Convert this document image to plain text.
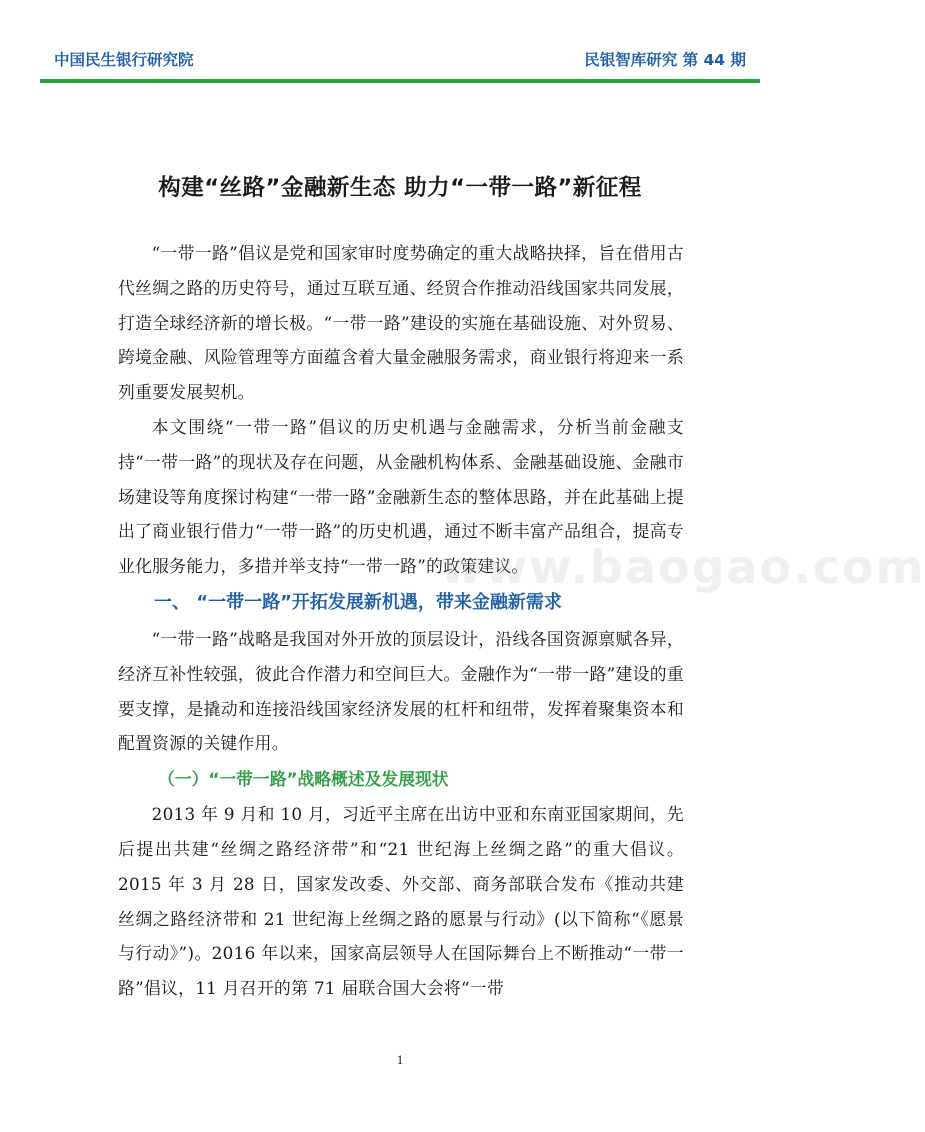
中国民生银行研究院	民银智库研究 第 44 期
构建“丝路”金融新生态 助力“一带一路”新征程

“一带一路”倡议是党和国家审时度势确定的重大战略抉择，旨在借用古代丝绸之路的历史符号，通过互联互通、经贸合作推动沿线国家共同发展，打造全球经济新的增长极。“一带一路”建设的实施在基础设施、对外贸易、跨境金融、风险管理等方面蕴含着大量金融服务需求，商业银行将迎来一系列重要发展契机。

本文围绕“一带一路”倡议的历史机遇与金融需求，分析当前金融支持“一带一路”的现状及存在问题，从金融机构体系、金融基础设施、金融市场建设等角度探讨构建“一带一路”金融新生态的整体思路，并在此基础上提出了商业银行借力“一带一路”的历史机遇，通过不断丰富产品组合，提高专业化服务能力，多措并举支持“一带一路”的政策建议。

一、 “一带一路”开拓发展新机遇，带来金融新需求

“一带一路”战略是我国对外开放的顶层设计，沿线各国资源禀赋各异，经济互补性较强，彼此合作潜力和空间巨大。金融作为“一带一路”建设的重要支撑，是撬动和连接沿线国家经济发展的杠杆和纽带，发挥着聚集资本和配置资源的关键作用。

（一）“一带一路”战略概述及发展现状

2013 年 9 月和 10 月，习近平主席在出访中亚和东南亚国家期间，先后提出共建“丝绸之路经济带”和“21 世纪海上丝绸之路”的重大倡议。2015 年 3 月 28 日，国家发改委、外交部、商务部联合发布《推动共建丝绸之路经济带和 21 世纪海上丝绸之路的愿景与行动》(以下简称“《愿景与行动》”)。2016 年以来，国家高层领导人在国际舞台上不断推动“一带一路”倡议，11 月召开的第 71 届联合国大会将“一带

www.baogao.com
1
